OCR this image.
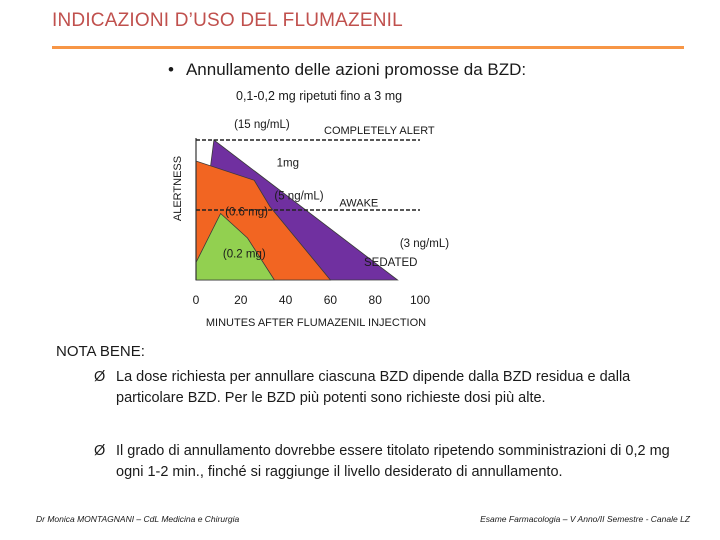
INDICAZIONI D’USO DEL FLUMAZENIL
• Annullamento delle azioni promosse da BZD:
0,1-0,2 mg ripetuti fino a 3 mg
COMPLETELY ALERT
(15 ng/mL)
(5 ng/mL)
(3 ng/mL)
1mg
AWAKE
(0.6 mg)
(0.2 mg)
SEDATED
0	20	40	60	80 100
MINUTES AFTER FLUMAZENIL INJECTION
ALERTNESS
NOTA BENE:
Ø La dose richiesta per annullare ciascuna BZD dipende dalla BZD residua e dalla particolare BZD. Per le BZD più potenti sono richieste dosi più alte.
Ø Il grado di annullamento dovrebbe essere titolato ripetendo somministrazioni di 0,2 mg ogni 1-2 min., finché si raggiunge il livello desiderato di annullamento.
Dr Monica MONTAGNANI – CdL Medicina e Chirurgia	Esame Farmacologia – V Anno/II Semestre - Canale LZ
